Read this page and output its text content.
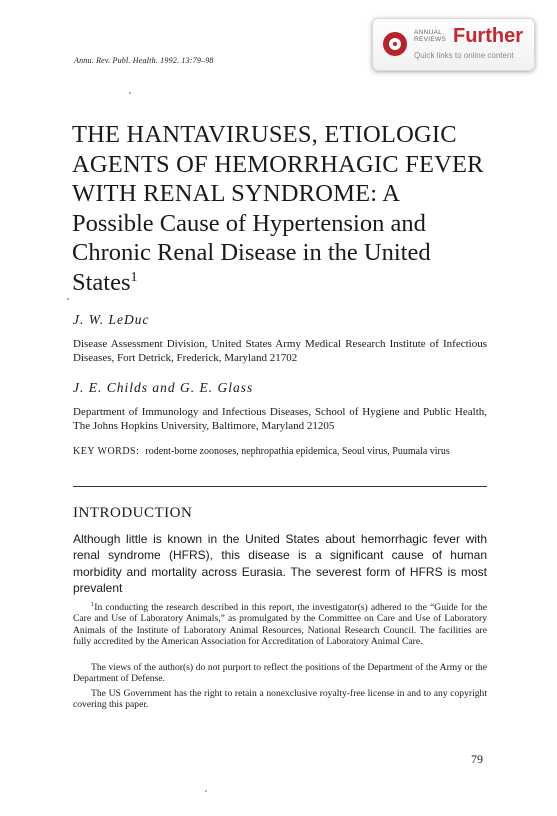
Annu. Rev. Publ. Health. 1992. 13:79–98
ANNUAL
REVIEWS Further
Quick links to online content
THE HANTAVIRUSES, ETIOLOGIC
AGENTS OF HEMORRHAGIC FEVER
WITH RENAL SYNDROME: A
Possible Cause of Hypertension and
Chronic Renal Disease in the United
States$^1$
J. W. LeDuc
Disease Assessment Division, United States Army Medical Research Institute of Infectious Diseases, Fort Detrick, Frederick, Maryland 21702
J. E. Childs and G. E. Glass
Department of Immunology and Infectious Diseases, School of Hygiene and Public Health, The Johns Hopkins University, Baltimore, Maryland 21205
KEY WORDS: rodent-borne zoonoses, nephropathia epidemica, Seoul virus, Puumala virus
INTRODUCTION
Although little is known in the United States about hemorrhagic fever with renal syndrome (HFRS), this disease is a significant cause of human morbidity and mortality across Eurasia. The severest form of HFRS is most prevalent
$^1$In conducting the research described in this report, the investigator(s) adhered to the “Guide for the Care and Use of Laboratory Animals,” as promulgated by the Committee on Care and Use of Laboratory Animals of the Institute of Laboratory Animal Resources, National Research Council. The facilities are fully accredited by the American Association for Accreditation of Laboratory Animal Care.
The views of the author(s) do not purport to reflect the positions of the Department of the Army or the Department of Defense.
The US Government has the right to retain a nonexclusive royalty-free license in and to any copyright covering this paper.
79
